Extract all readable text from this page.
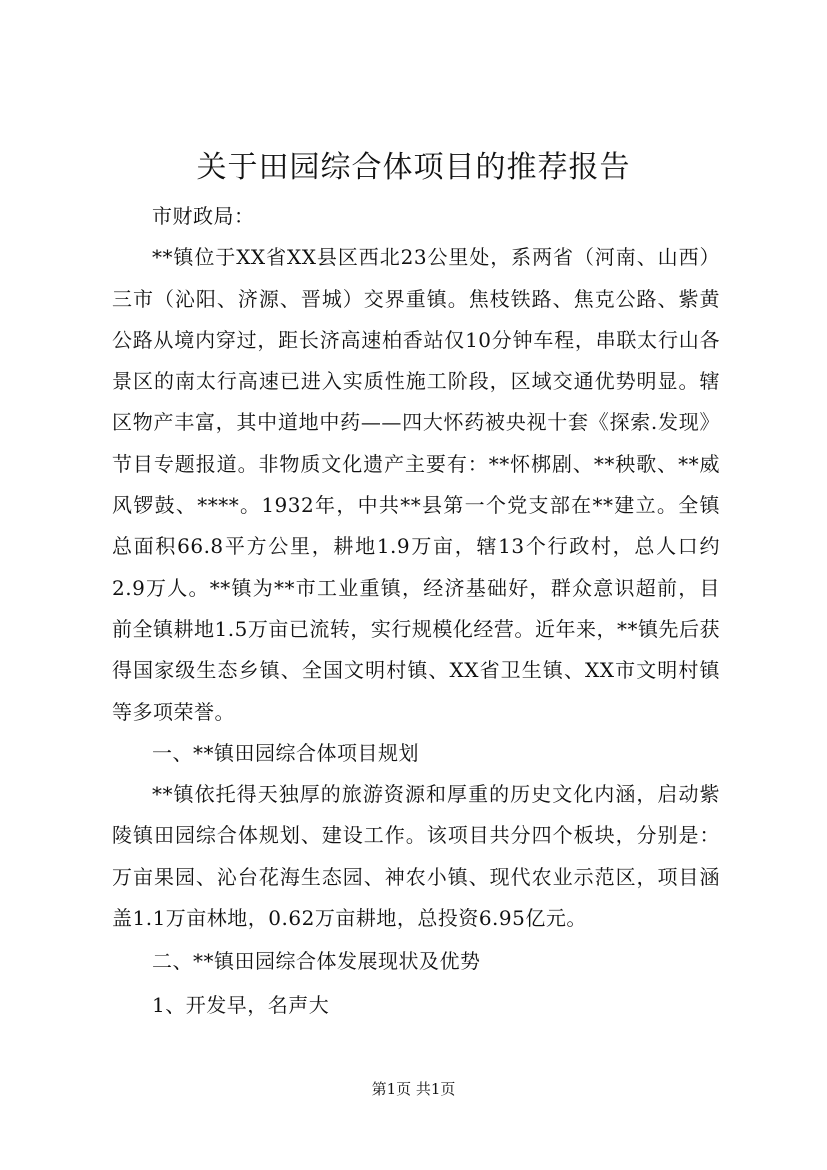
关于田园综合体项目的推荐报告

市财政局：

**镇位于XX省XX县区西北23公里处，系两省（河南、山西）三市（沁阳、济源、晋城）交界重镇。焦枝铁路、焦克公路、紫黄公路从境内穿过，距长济高速柏香站仅10分钟车程，串联太行山各景区的南太行高速已进入实质性施工阶段，区域交通优势明显。辖区物产丰富，其中道地中药——四大怀药被央视十套《探索.发现》节目专题报道。非物质文化遗产主要有：**怀梆剧、**秧歌、**威风锣鼓、****。1932年，中共**县第一个党支部在**建立。全镇总面积66.8平方公里，耕地1.9万亩，辖13个行政村，总人口约2.9万人。**镇为**市工业重镇，经济基础好，群众意识超前，目前全镇耕地1.5万亩已流转，实行规模化经营。近年来，**镇先后获得国家级生态乡镇、全国文明村镇、XX省卫生镇、XX市文明村镇等多项荣誉。

一、**镇田园综合体项目规划

**镇依托得天独厚的旅游资源和厚重的历史文化内涵，启动紫陵镇田园综合体规划、建设工作。该项目共分四个板块，分别是：万亩果园、沁台花海生态园、神农小镇、现代农业示范区，项目涵盖1.1万亩林地，0.62万亩耕地，总投资6.95亿元。

二、**镇田园综合体发展现状及优势

1、开发早，名声大

第1页 共1页
